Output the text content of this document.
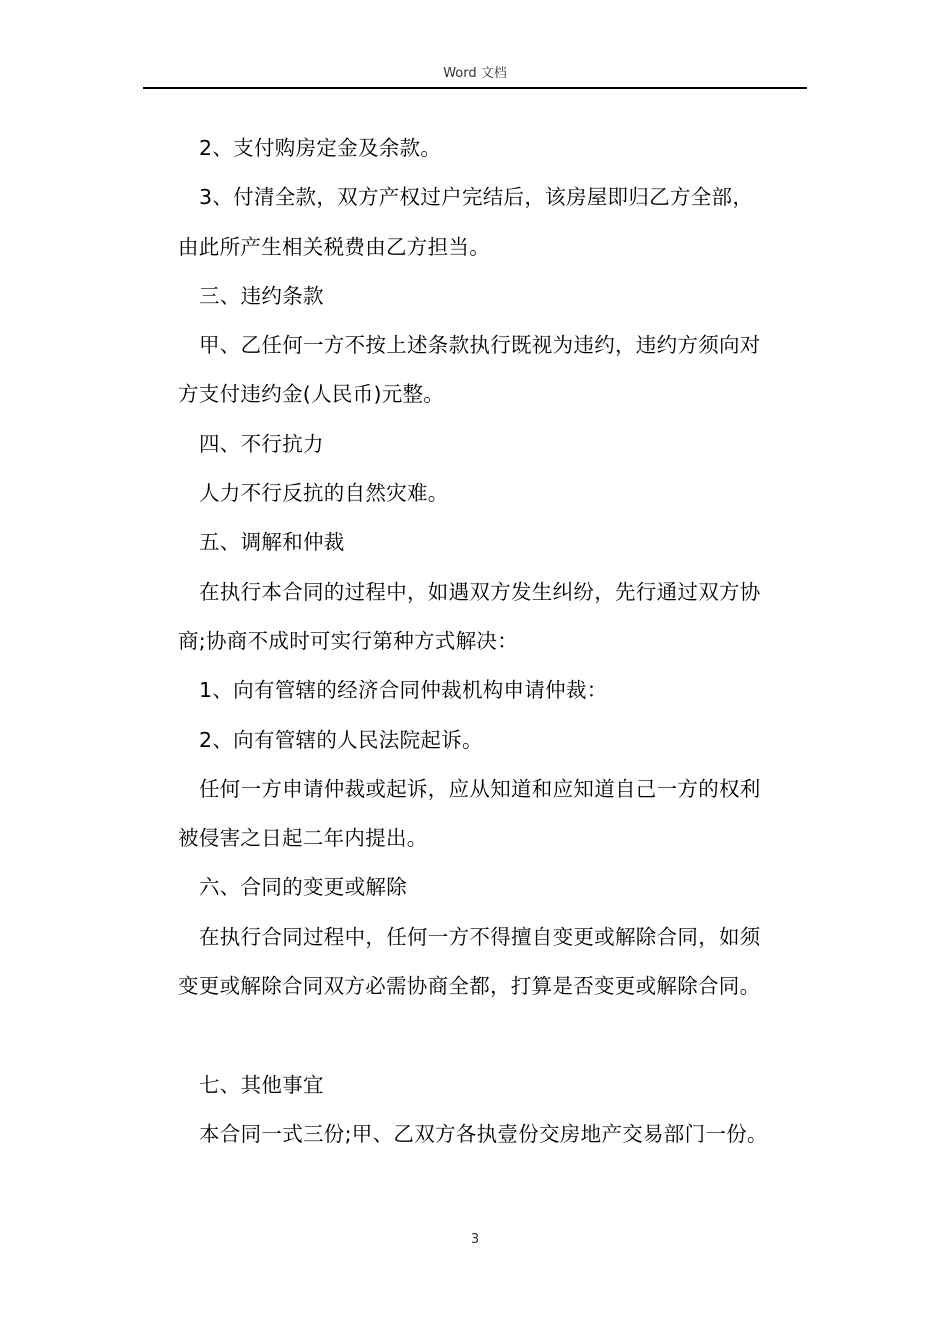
Word 文档

2、支付购房定金及余款。

3、付清全款，双方产权过户完结后，该房屋即归乙方全部，

由此所产生相关税费由乙方担当。

三、违约条款

甲、乙任何一方不按上述条款执行既视为违约，违约方须向对

方支付违约金(人民币)元整。

四、不行抗力

人力不行反抗的自然灾难。

五、调解和仲裁

在执行本合同的过程中，如遇双方发生纠纷，先行通过双方协

商;协商不成时可实行第种方式解决：

1、向有管辖的经济合同仲裁机构申请仲裁：

2、向有管辖的人民法院起诉。

任何一方申请仲裁或起诉，应从知道和应知道自己一方的权利

被侵害之日起二年内提出。

六、合同的变更或解除

在执行合同过程中，任何一方不得擅自变更或解除合同，如须

变更或解除合同双方必需协商全都，打算是否变更或解除合同。

七、其他事宜

本合同一式三份;甲、乙双方各执壹份交房地产交易部门一份。

3
